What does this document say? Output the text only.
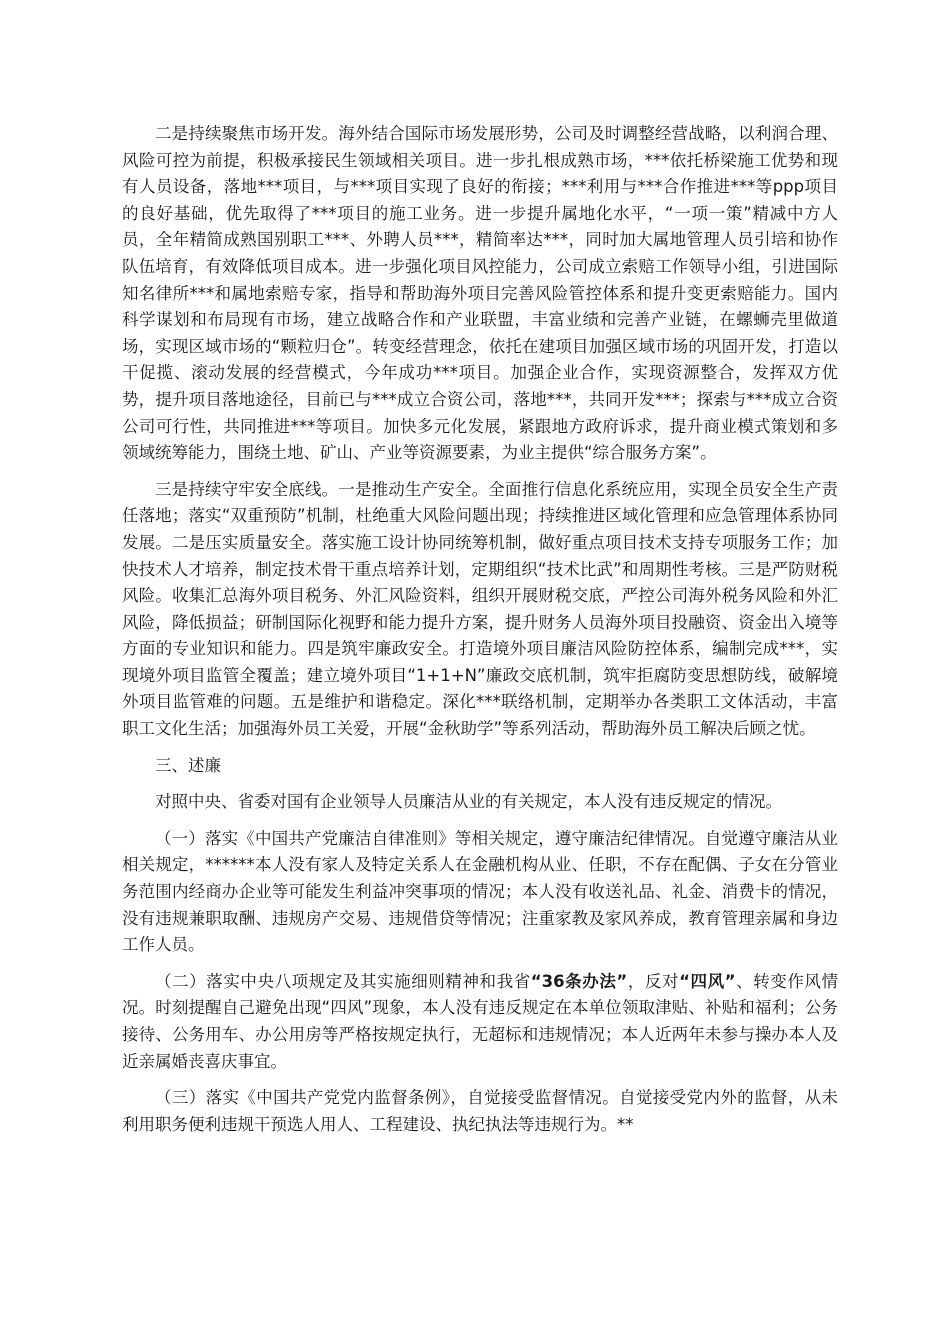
二是持续聚焦市场开发。海外结合国际市场发展形势，公司及时调整经营战略，以利润合理、风险可控为前提，积极承接民生领域相关项目。进一步扎根成熟市场，***依托桥梁施工优势和现有人员设备，落地***项目，与***项目实现了良好的衔接；***利用与***合作推进***等ppp项目的良好基础，优先取得了***项目的施工业务。进一步提升属地化水平，“一项一策”精减中方人员，全年精简成熟国别职工***、外聘人员***，精简率达***，同时加大属地管理人员引培和协作队伍培育，有效降低项目成本。进一步强化项目风控能力，公司成立索赔工作领导小组，引进国际知名律所***和属地索赔专家，指导和帮助海外项目完善风险管控体系和提升变更索赔能力。国内科学谋划和布局现有市场，建立战略合作和产业联盟，丰富业绩和完善产业链，在螺蛳壳里做道场，实现区域市场的“颗粒归仓”。转变经营理念，依托在建项目加强区域市场的巩固开发，打造以干促揽、滚动发展的经营模式，今年成功***项目。加强企业合作，实现资源整合，发挥双方优势，提升项目落地途径，目前已与***成立合资公司，落地***，共同开发***；探索与***成立合资公司可行性，共同推进***等项目。加快多元化发展，紧跟地方政府诉求，提升商业模式策划和多领域统筹能力，围绕土地、矿山、产业等资源要素，为业主提供“综合服务方案”。

三是持续守牢安全底线。一是推动生产安全。全面推行信息化系统应用，实现全员安全生产责任落地；落实“双重预防”机制，杜绝重大风险问题出现；持续推进区域化管理和应急管理体系协同发展。二是压实质量安全。落实施工设计协同统筹机制，做好重点项目技术支持专项服务工作；加快技术人才培养，制定技术骨干重点培养计划，定期组织“技术比武”和周期性考核。三是严防财税风险。收集汇总海外项目税务、外汇风险资料，组织开展财税交底，严控公司海外税务风险和外汇风险，降低损益；研制国际化视野和能力提升方案，提升财务人员海外项目投融资、资金出入境等方面的专业知识和能力。四是筑牢廉政安全。打造境外项目廉洁风险防控体系，编制完成***，实现境外项目监管全覆盖；建立境外项目“1+1+N”廉政交底机制，筑牢拒腐防变思想防线，破解境外项目监管难的问题。五是维护和谐稳定。深化***联络机制，定期举办各类职工文体活动，丰富职工文化生活；加强海外员工关爱，开展“金秋助学”等系列活动，帮助海外员工解决后顾之忧。

三、述廉

对照中央、省委对国有企业领导人员廉洁从业的有关规定，本人没有违反规定的情况。

（一）落实《中国共产党廉洁自律准则》等相关规定，遵守廉洁纪律情况。自觉遵守廉洁从业相关规定，******本人没有家人及特定关系人在金融机构从业、任职，不存在配偶、子女在分管业务范围内经商办企业等可能发生利益冲突事项的情况；本人没有收送礼品、礼金、消费卡的情况，没有违规兼职取酬、违规房产交易、违规借贷等情况；注重家教及家风养成，教育管理亲属和身边工作人员。

（二）落实中央八项规定及其实施细则精神和我省“36条办法”，反对“四风”、转变作风情况。时刻提醒自己避免出现“四风”现象，本人没有违反规定在本单位领取津贴、补贴和福利；公务接待、公务用车、办公用房等严格按规定执行，无超标和违规情况；本人近两年未参与操办本人及近亲属婚丧喜庆事宜。

（三）落实《中国共产党党内监督条例》，自觉接受监督情况。自觉接受党内外的监督，从未利用职务便利违规干预选人用人、工程建设、执纪执法等违规行为。**
